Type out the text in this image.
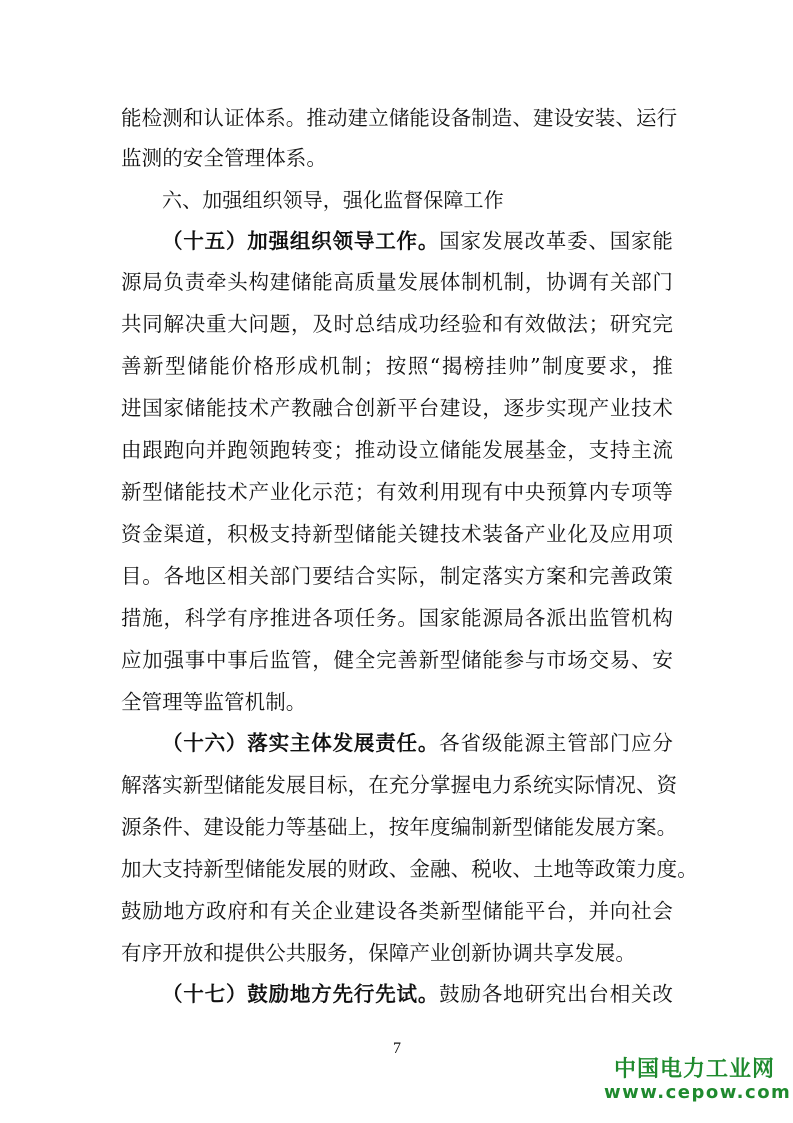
能检测和认证体系。推动建立储能设备制造、建设安装、运行
监测的安全管理体系。
六、加强组织领导，强化监督保障工作
（十五）加强组织领导工作。国家发展改革委、国家能
源局负责牵头构建储能高质量发展体制机制，协调有关部门
共同解决重大问题，及时总结成功经验和有效做法；研究完
善新型储能价格形成机制；按照“揭榜挂帅”制度要求，推
进国家储能技术产教融合创新平台建设，逐步实现产业技术
由跟跑向并跑领跑转变；推动设立储能发展基金，支持主流
新型储能技术产业化示范；有效利用现有中央预算内专项等
资金渠道，积极支持新型储能关键技术装备产业化及应用项
目。各地区相关部门要结合实际，制定落实方案和完善政策
措施，科学有序推进各项任务。国家能源局各派出监管机构
应加强事中事后监管，健全完善新型储能参与市场交易、安
全管理等监管机制。
（十六）落实主体发展责任。各省级能源主管部门应分
解落实新型储能发展目标，在充分掌握电力系统实际情况、资
源条件、建设能力等基础上，按年度编制新型储能发展方案。
加大支持新型储能发展的财政、金融、税收、土地等政策力度。
鼓励地方政府和有关企业建设各类新型储能平台，并向社会
有序开放和提供公共服务，保障产业创新协调共享发展。
（十七）鼓励地方先行先试。鼓励各地研究出台相关改
7
中国电力工业网
www.cepow.com
